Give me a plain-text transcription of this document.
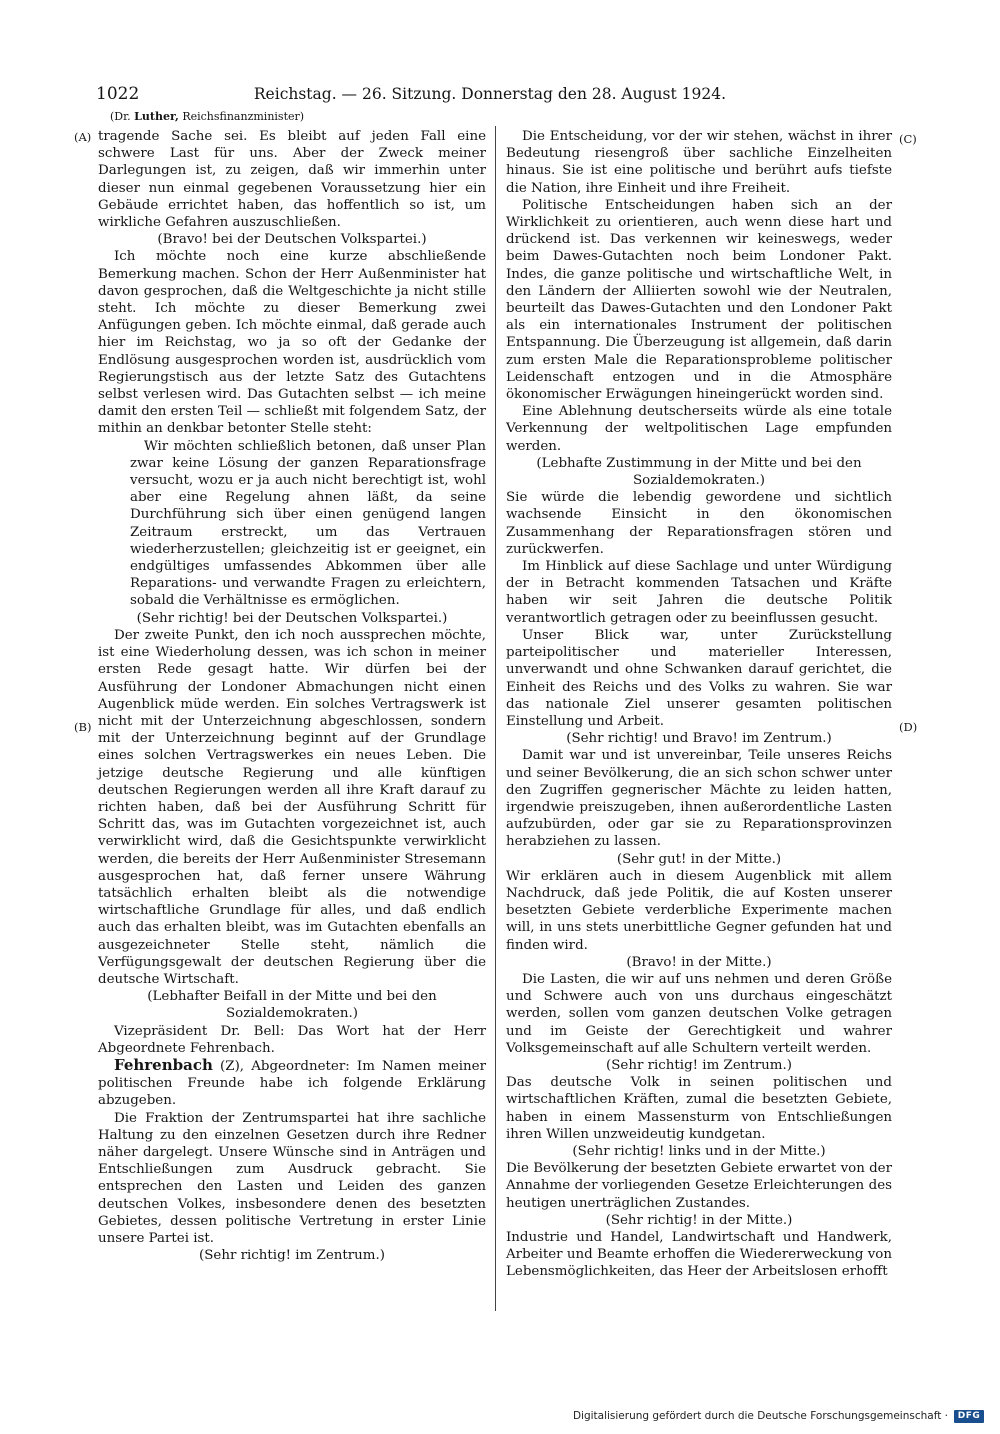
1022	Reichstag. — 26. Sitzung. Donnerstag den 28. August 1924.
(Dr. Luther, Reichsfinanzminister)
(A)
(B)
(C)
(D)

tragende Sache sei. Es bleibt auf jeden Fall eine schwere Last für uns. Aber der Zweck meiner Darlegungen ist, zu zeigen, daß wir immerhin unter dieser nun einmal gegebenen Voraussetzung hier ein Gebäude errichtet haben, das hoffentlich so ist, um wirkliche Gefahren auszuschließen.

(Bravo! bei der Deutschen Volkspartei.)

Ich möchte noch eine kurze abschließende Bemerkung machen. Schon der Herr Außenminister hat davon gesprochen, daß die Weltgeschichte ja nicht stille steht. Ich möchte zu dieser Bemerkung zwei Anfügungen geben. Ich möchte einmal, daß gerade auch hier im Reichstag, wo ja so oft der Gedanke der Endlösung ausgesprochen worden ist, ausdrücklich vom Regierungstisch aus der letzte Satz des Gutachtens selbst verlesen wird. Das Gutachten selbst — ich meine damit den ersten Teil — schließt mit folgendem Satz, der mithin an denkbar betonter Stelle steht:

Wir möchten schließlich betonen, daß unser Plan zwar keine Lösung der ganzen Reparationsfrage versucht, wozu er ja auch nicht berechtigt ist, wohl aber eine Regelung ahnen läßt, da seine Durchführung sich über einen genügend langen Zeitraum erstreckt, um das Vertrauen wiederherzustellen; gleichzeitig ist er geeignet, ein endgültiges umfassendes Abkommen über alle Reparations- und verwandte Fragen zu erleichtern, sobald die Verhältnisse es ermöglichen.

(Sehr richtig! bei der Deutschen Volkspartei.)

Der zweite Punkt, den ich noch aussprechen möchte, ist eine Wiederholung dessen, was ich schon in meiner ersten Rede gesagt hatte. Wir dürfen bei der Ausführung der Londoner Abmachungen nicht einen Augenblick müde werden. Ein solches Vertragswerk ist nicht mit der Unterzeichnung abgeschlossen, sondern mit der Unterzeichnung beginnt auf der Grundlage eines solchen Vertragswerkes ein neues Leben. Die jetzige deutsche Regierung und alle künftigen deutschen Regierungen werden all ihre Kraft darauf zu richten haben, daß bei der Ausführung Schritt für Schritt das, was im Gutachten vorgezeichnet ist, auch verwirklicht wird, daß die Gesichtspunkte verwirklicht werden, die bereits der Herr Außenminister Stresemann ausgesprochen hat, daß ferner unsere Währung tatsächlich erhalten bleibt als die notwendige wirtschaftliche Grundlage für alles, und daß endlich auch das erhalten bleibt, was im Gutachten ebenfalls an ausgezeichneter Stelle steht, nämlich die Verfügungsgewalt der deutschen Regierung über die deutsche Wirtschaft.

(Lebhafter Beifall in der Mitte und bei den Sozialdemokraten.)

Vizepräsident Dr. Bell: Das Wort hat der Herr Abgeordnete Fehrenbach.

Fehrenbach (Z), Abgeordneter: Im Namen meiner politischen Freunde habe ich folgende Erklärung abzugeben.

Die Fraktion der Zentrumspartei hat ihre sachliche Haltung zu den einzelnen Gesetzen durch ihre Redner näher dargelegt. Unsere Wünsche sind in Anträgen und Entschließungen zum Ausdruck gebracht. Sie entsprechen den Lasten und Leiden des ganzen deutschen Volkes, insbesondere denen des besetzten Gebietes, dessen politische Vertretung in erster Linie unsere Partei ist.

(Sehr richtig! im Zentrum.)

Die Entscheidung, vor der wir stehen, wächst in ihrer Bedeutung riesengroß über sachliche Einzelheiten hinaus. Sie ist eine politische und berührt aufs tiefste die Nation, ihre Einheit und ihre Freiheit.

Politische Entscheidungen haben sich an der Wirklichkeit zu orientieren, auch wenn diese hart und drückend ist. Das verkennen wir keineswegs, weder beim Dawes-Gutachten noch beim Londoner Pakt. Indes, die ganze politische und wirtschaftliche Welt, in den Ländern der Alliierten sowohl wie der Neutralen, beurteilt das Dawes-Gutachten und den Londoner Pakt als ein internationales Instrument der politischen Entspannung. Die Überzeugung ist allgemein, daß darin zum ersten Male die Reparationsprobleme politischer Leidenschaft entzogen und in die Atmosphäre ökonomischer Erwägungen hineingerückt worden sind.

Eine Ablehnung deutscherseits würde als eine totale Verkennung der weltpolitischen Lage empfunden werden.

(Lebhafte Zustimmung in der Mitte und bei den Sozialdemokraten.)

Sie würde die lebendig gewordene und sichtlich wachsende Einsicht in den ökonomischen Zusammenhang der Reparationsfragen stören und zurückwerfen.

Im Hinblick auf diese Sachlage und unter Würdigung der in Betracht kommenden Tatsachen und Kräfte haben wir seit Jahren die deutsche Politik verantwortlich getragen oder zu beeinflussen gesucht.

Unser Blick war, unter Zurückstellung parteipolitischer und materieller Interessen, unverwandt und ohne Schwanken darauf gerichtet, die Einheit des Reichs und des Volks zu wahren. Sie war das nationale Ziel unserer gesamten politischen Einstellung und Arbeit.

(Sehr richtig! und Bravo! im Zentrum.)

Damit war und ist unvereinbar, Teile unseres Reichs und seiner Bevölkerung, die an sich schon schwer unter den Zugriffen gegnerischer Mächte zu leiden hatten, irgendwie preiszugeben, ihnen außerordentliche Lasten aufzubürden, oder gar sie zu Reparationsprovinzen herabziehen zu lassen.

(Sehr gut! in der Mitte.)

Wir erklären auch in diesem Augenblick mit allem Nachdruck, daß jede Politik, die auf Kosten unserer besetzten Gebiete verderbliche Experimente machen will, in uns stets unerbittliche Gegner gefunden hat und finden wird.

(Bravo! in der Mitte.)

Die Lasten, die wir auf uns nehmen und deren Größe und Schwere auch von uns durchaus eingeschätzt werden, sollen vom ganzen deutschen Volke getragen und im Geiste der Gerechtigkeit und wahrer Volksgemeinschaft auf alle Schultern verteilt werden.

(Sehr richtig! im Zentrum.)

Das deutsche Volk in seinen politischen und wirtschaftlichen Kräften, zumal die besetzten Gebiete, haben in einem Massensturm von Entschließungen ihren Willen unzweideutig kundgetan.

(Sehr richtig! links und in der Mitte.)

Die Bevölkerung der besetzten Gebiete erwartet von der Annahme der vorliegenden Gesetze Erleichterungen des heutigen unerträglichen Zustandes.

(Sehr richtig! in der Mitte.)

Industrie und Handel, Landwirtschaft und Handwerk, Arbeiter und Beamte erhoffen die Wiedererweckung von Lebensmöglichkeiten, das Heer der Arbeitslosen erhofft

Digitalisierung gefördert durch die Deutsche Forschungsgemeinschaft ·	DFG
